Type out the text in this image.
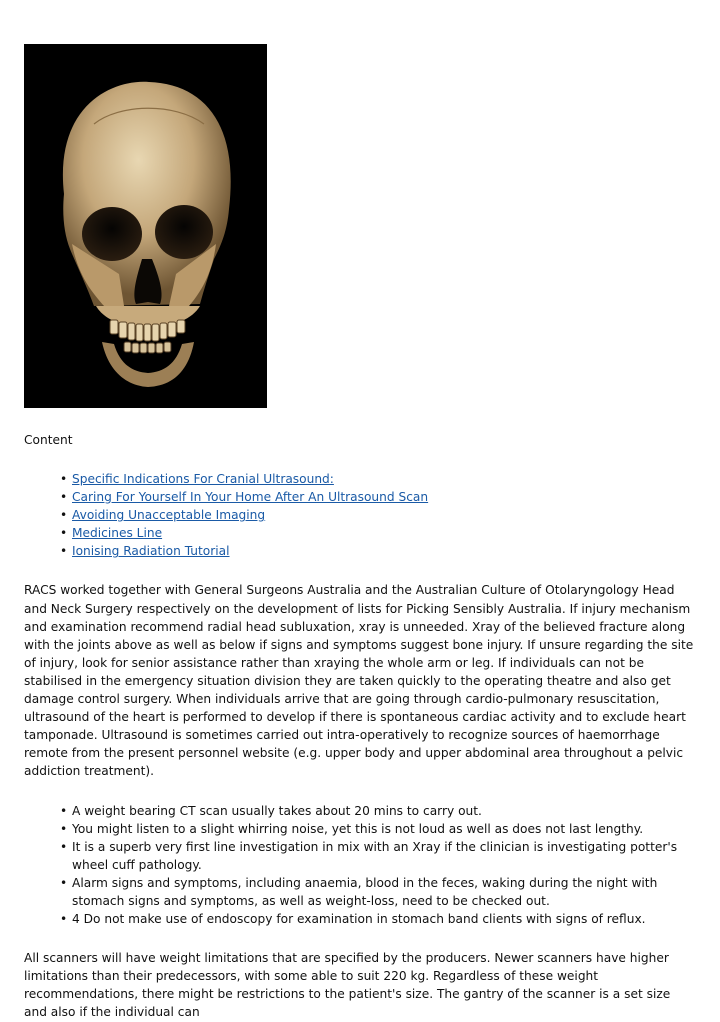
Content
• Specific Indications For Cranial Ultrasound:
• Caring For Yourself In Your Home After An Ultrasound Scan
• Avoiding Unacceptable Imaging
• Medicines Line
• Ionising Radiation Tutorial

RACS worked together with General Surgeons Australia and the Australian Culture of Otolaryngology Head and Neck Surgery respectively on the development of lists for Picking Sensibly Australia. If injury mechanism and examination recommend radial head subluxation, xray is unneeded. Xray of the believed fracture along with the joints above as well as below if signs and symptoms suggest bone injury. If unsure regarding the site of injury, look for senior assistance rather than xraying the whole arm or leg. If individuals can not be stabilised in the emergency situation division they are taken quickly to the operating theatre and also get damage control surgery. When individuals arrive that are going through cardio-pulmonary resuscitation, ultrasound of the heart is performed to develop if there is spontaneous cardiac activity and to exclude heart tamponade. Ultrasound is sometimes carried out intra-operatively to recognize sources of haemorrhage remote from the present personnel website (e.g. upper body and upper abdominal area throughout a pelvic addiction treatment).

• A weight bearing CT scan usually takes about 20 mins to carry out.
• You might listen to a slight whirring noise, yet this is not loud as well as does not last lengthy.
• It is a superb very first line investigation in mix with an Xray if the clinician is investigating potter's wheel cuff pathology.
• Alarm signs and symptoms, including anaemia, blood in the feces, waking during the night with stomach signs and symptoms, as well as weight-loss, need to be checked out.
• 4 Do not make use of endoscopy for examination in stomach band clients with signs of reflux.

All scanners will have weight limitations that are specified by the producers. Newer scanners have higher limitations than their predecessors, with some able to suit 220 kg. Regardless of these weight recommendations, there might be restrictions to the patient's size. The gantry of the scanner is a set size and also if the individual can
